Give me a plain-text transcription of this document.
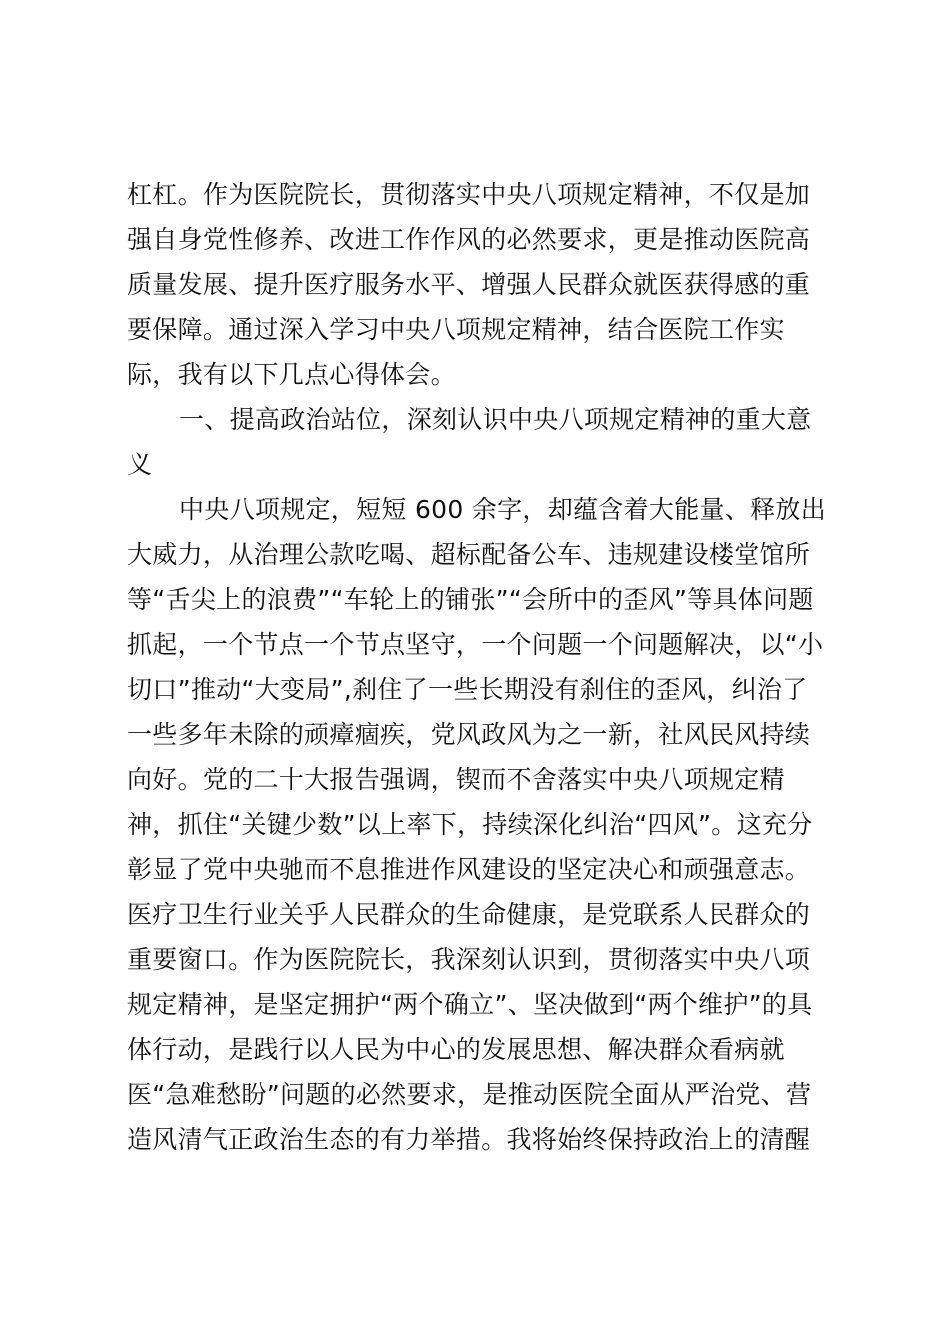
杠杠。作为医院院长，贯彻落实中央八项规定精神，不仅是加
强自身党性修养、改进工作作风的必然要求，更是推动医院高
质量发展、提升医疗服务水平、增强人民群众就医获得感的重
要保障。通过深入学习中央八项规定精神，结合医院工作实
际，我有以下几点心得体会。
一、提高政治站位，深刻认识中央八项规定精神的重大意
义
中央八项规定，短短 600 余字，却蕴含着大能量、释放出
大威力，从治理公款吃喝、超标配备公车、违规建设楼堂馆所
等“舌尖上的浪费”“车轮上的铺张”“会所中的歪风”等具体问题
抓起，一个节点一个节点坚守，一个问题一个问题解决，以“小
切口”推动“大变局”,刹住了一些长期没有刹住的歪风，纠治了
一些多年未除的顽瘴痼疾，党风政风为之一新，社风民风持续
向好。党的二十大报告强调，锲而不舍落实中央八项规定精
神，抓住“关键少数”以上率下，持续深化纠治“四风”。这充分
彰显了党中央驰而不息推进作风建设的坚定决心和顽强意志。
医疗卫生行业关乎人民群众的生命健康，是党联系人民群众的
重要窗口。作为医院院长，我深刻认识到，贯彻落实中央八项
规定精神，是坚定拥护“两个确立”、坚决做到“两个维护”的具
体行动，是践行以人民为中心的发展思想、解决群众看病就
医“急难愁盼”问题的必然要求，是推动医院全面从严治党、营
造风清气正政治生态的有力举措。我将始终保持政治上的清醒
